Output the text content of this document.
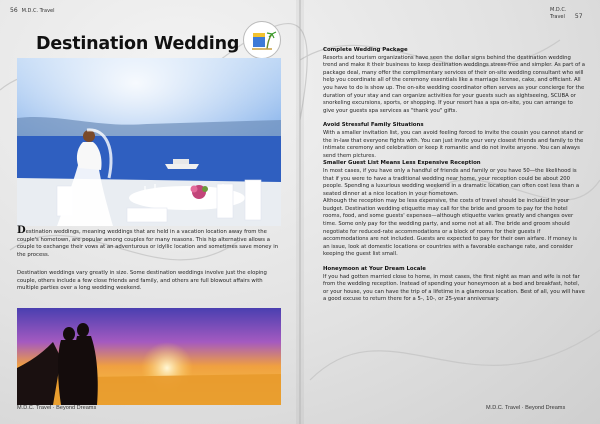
56 M.D.C. Travel	M.D.C. Travel 57
Destination Wedding

Destination weddings, meaning weddings that are held in a vacation location away from the couple's hometown, are popular among couples for many reasons. This hip alternative allows a couple to exchange their vows at an adventurous or idyllic location and sometimes save money in the process.

Destination weddings vary greatly in size. Some destination weddings involve just the eloping couple, others include a few close friends and family, and others are full blowout affairs with multiple parties over a long wedding weekend.

M.D.C. Travel · Beyond Dreams	M.D.C. Travel · Beyond Dreams
Complete Wedding Package

Resorts and tourism organizations have seen the dollar signs behind the destination wedding trend and make it their business to keep destination weddings stress-free and simpler. As part of a package deal, many offer the complimentary services of their on-site wedding consultant who will help you coordinate all of the ceremony essentials like a marriage license, cake, and officiant. All you have to do is show up. The on-site wedding coordinator often serves as your concierge for the duration of your stay and can organize activities for your guests such as sightseeing, SCUBA or snorkeling excursions, sports, or shopping. If your resort has a spa on-site, you can arrange to give your guests spa services as "thank you" gifts.

Avoid Stressful Family Situations

With a smaller invitation list, you can avoid feeling forced to invite the cousin you cannot stand or the in-law that everyone fights with. You can just invite your very closest friends and family to the intimate ceremony and celebration or keep it romantic and do not invite anyone. You can always send them pictures.

Smaller Guest List Means Less Expensive Reception

In most cases, if you have only a handful of friends and family or you have 50—the likelihood is that if you were to have a traditional wedding near home, your reception could be about 200 people. Spending a luxurious wedding weekend in a dramatic location can often cost less than a seated dinner at a nice location in your hometown.

Although the reception may be less expensive, the costs of travel should be included in your budget. Destination wedding etiquette may call for the bride and groom to pay for the hotel rooms, food, and some guests' expenses—although etiquette varies greatly and changes over time. Some only pay for the wedding party, and some not at all. The bride and groom should negotiate for reduced-rate accommodations or a block of rooms for their guests if accommodations are not included. Guests are expected to pay for their own airfare. If money is an issue, look at domestic locations or countries with a favorable exchange rate, and consider keeping the guest list small.

Honeymoon at Your Dream Locale

If you had gotten married close to home, in most cases, the first night as man and wife is not far from the wedding reception. Instead of spending your honeymoon at a bed and breakfast, hotel, or your house, you can have the trip of a lifetime in a glamorous location. Best of all, you will have a good excuse to return there for a 5-, 10-, or 25-year anniversary.
